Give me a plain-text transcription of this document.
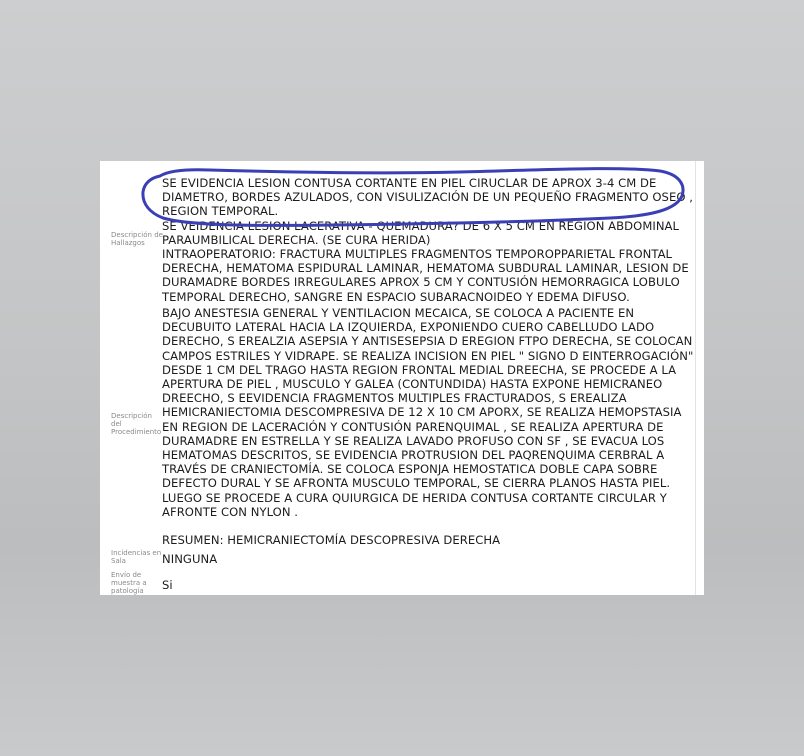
Descripción de Hallazgos

SE EVIDENCIA LESION CONTUSA CORTANTE EN PIEL CIRUCLAR DE APROX 3-4 CM DE DIAMETRO, BORDES AZULADOS, CON VISULIZACIÓN DE UN PEQUEÑO FRAGMENTO OSEO , REGION TEMPORAL.

SE VEIDENCIA LESION LACERATIVA - QUEMADURA? DE 6 X 5 CM EN REGION ABDOMINAL PARAUMBILICAL DERECHA. (SE CURA HERIDA)

INTRAOPERATORIO: FRACTURA MULTIPLES FRAGMENTOS TEMPOROPPARIETAL FRONTAL DERECHA, HEMATOMA ESPIDURAL LAMINAR, HEMATOMA SUBDURAL LAMINAR, LESION DE DURAMADRE BORDES IRREGULARES APROX 5 CM Y CONTUSIÓN HEMORRAGICA LOBULO TEMPORAL DERECHO, SANGRE EN ESPACIO SUBARACNOIDEO Y EDEMA DIFUSO.

Descripción del Procedimiento

BAJO ANESTESIA GENERAL Y VENTILACION MECAICA, SE COLOCA A PACIENTE EN DECUBUITO LATERAL HACIA LA IZQUIERDA, EXPONIENDO CUERO CABELLUDO LADO DERECHO, S EREALZIA ASEPSIA Y ANTISESEPSIA D EREGION FTPO DERECHA, SE COLOCAN CAMPOS ESTRILES Y VIDRAPE. SE REALIZA INCISION EN PIEL " SIGNO D EINTERROGACIÓN" DESDE 1 CM DEL TRAGO HASTA REGION FRONTAL MEDIAL DREECHA, SE PROCEDE A LA APERTURA DE PIEL , MUSCULO Y GALEA (CONTUNDIDA) HASTA EXPONE HEMICRANEO DREECHO, S EEVIDENCIA FRAGMENTOS MULTIPLES FRACTURADOS, S EREALIZA HEMICRANIECTOMIA DESCOMPRESIVA DE 12 X 10 CM APORX, SE REALIZA HEMOPSTASIA EN REGION DE LACERACIÓN Y CONTUSIÓN PARENQUIMAL , SE REALIZA APERTURA DE DURAMADRE EN ESTRELLA Y SE REALIZA LAVADO PROFUSO CON SF , SE EVACUA LOS HEMATOMAS DESCRITOS, SE EVIDENCIA PROTRUSION DEL PAQRENQUIMA CERBRAL A TRAVÉS DE CRANIECTOMÍA. SE COLOCA ESPONJA HEMOSTATICA DOBLE CAPA SOBRE DEFECTO DURAL Y SE AFRONTA MUSCULO TEMPORAL, SE CIERRA PLANOS HASTA PIEL. LUEGO SE PROCEDE A CURA QUIURGICA DE HERIDA CONTUSA CORTANTE CIRCULAR Y AFRONTE CON NYLON .

RESUMEN: HEMICRANIECTOMÍA DESCOPRESIVA DERECHA

Incidencias en Sala	NINGUNA
Envío de muestra a patología	Si
